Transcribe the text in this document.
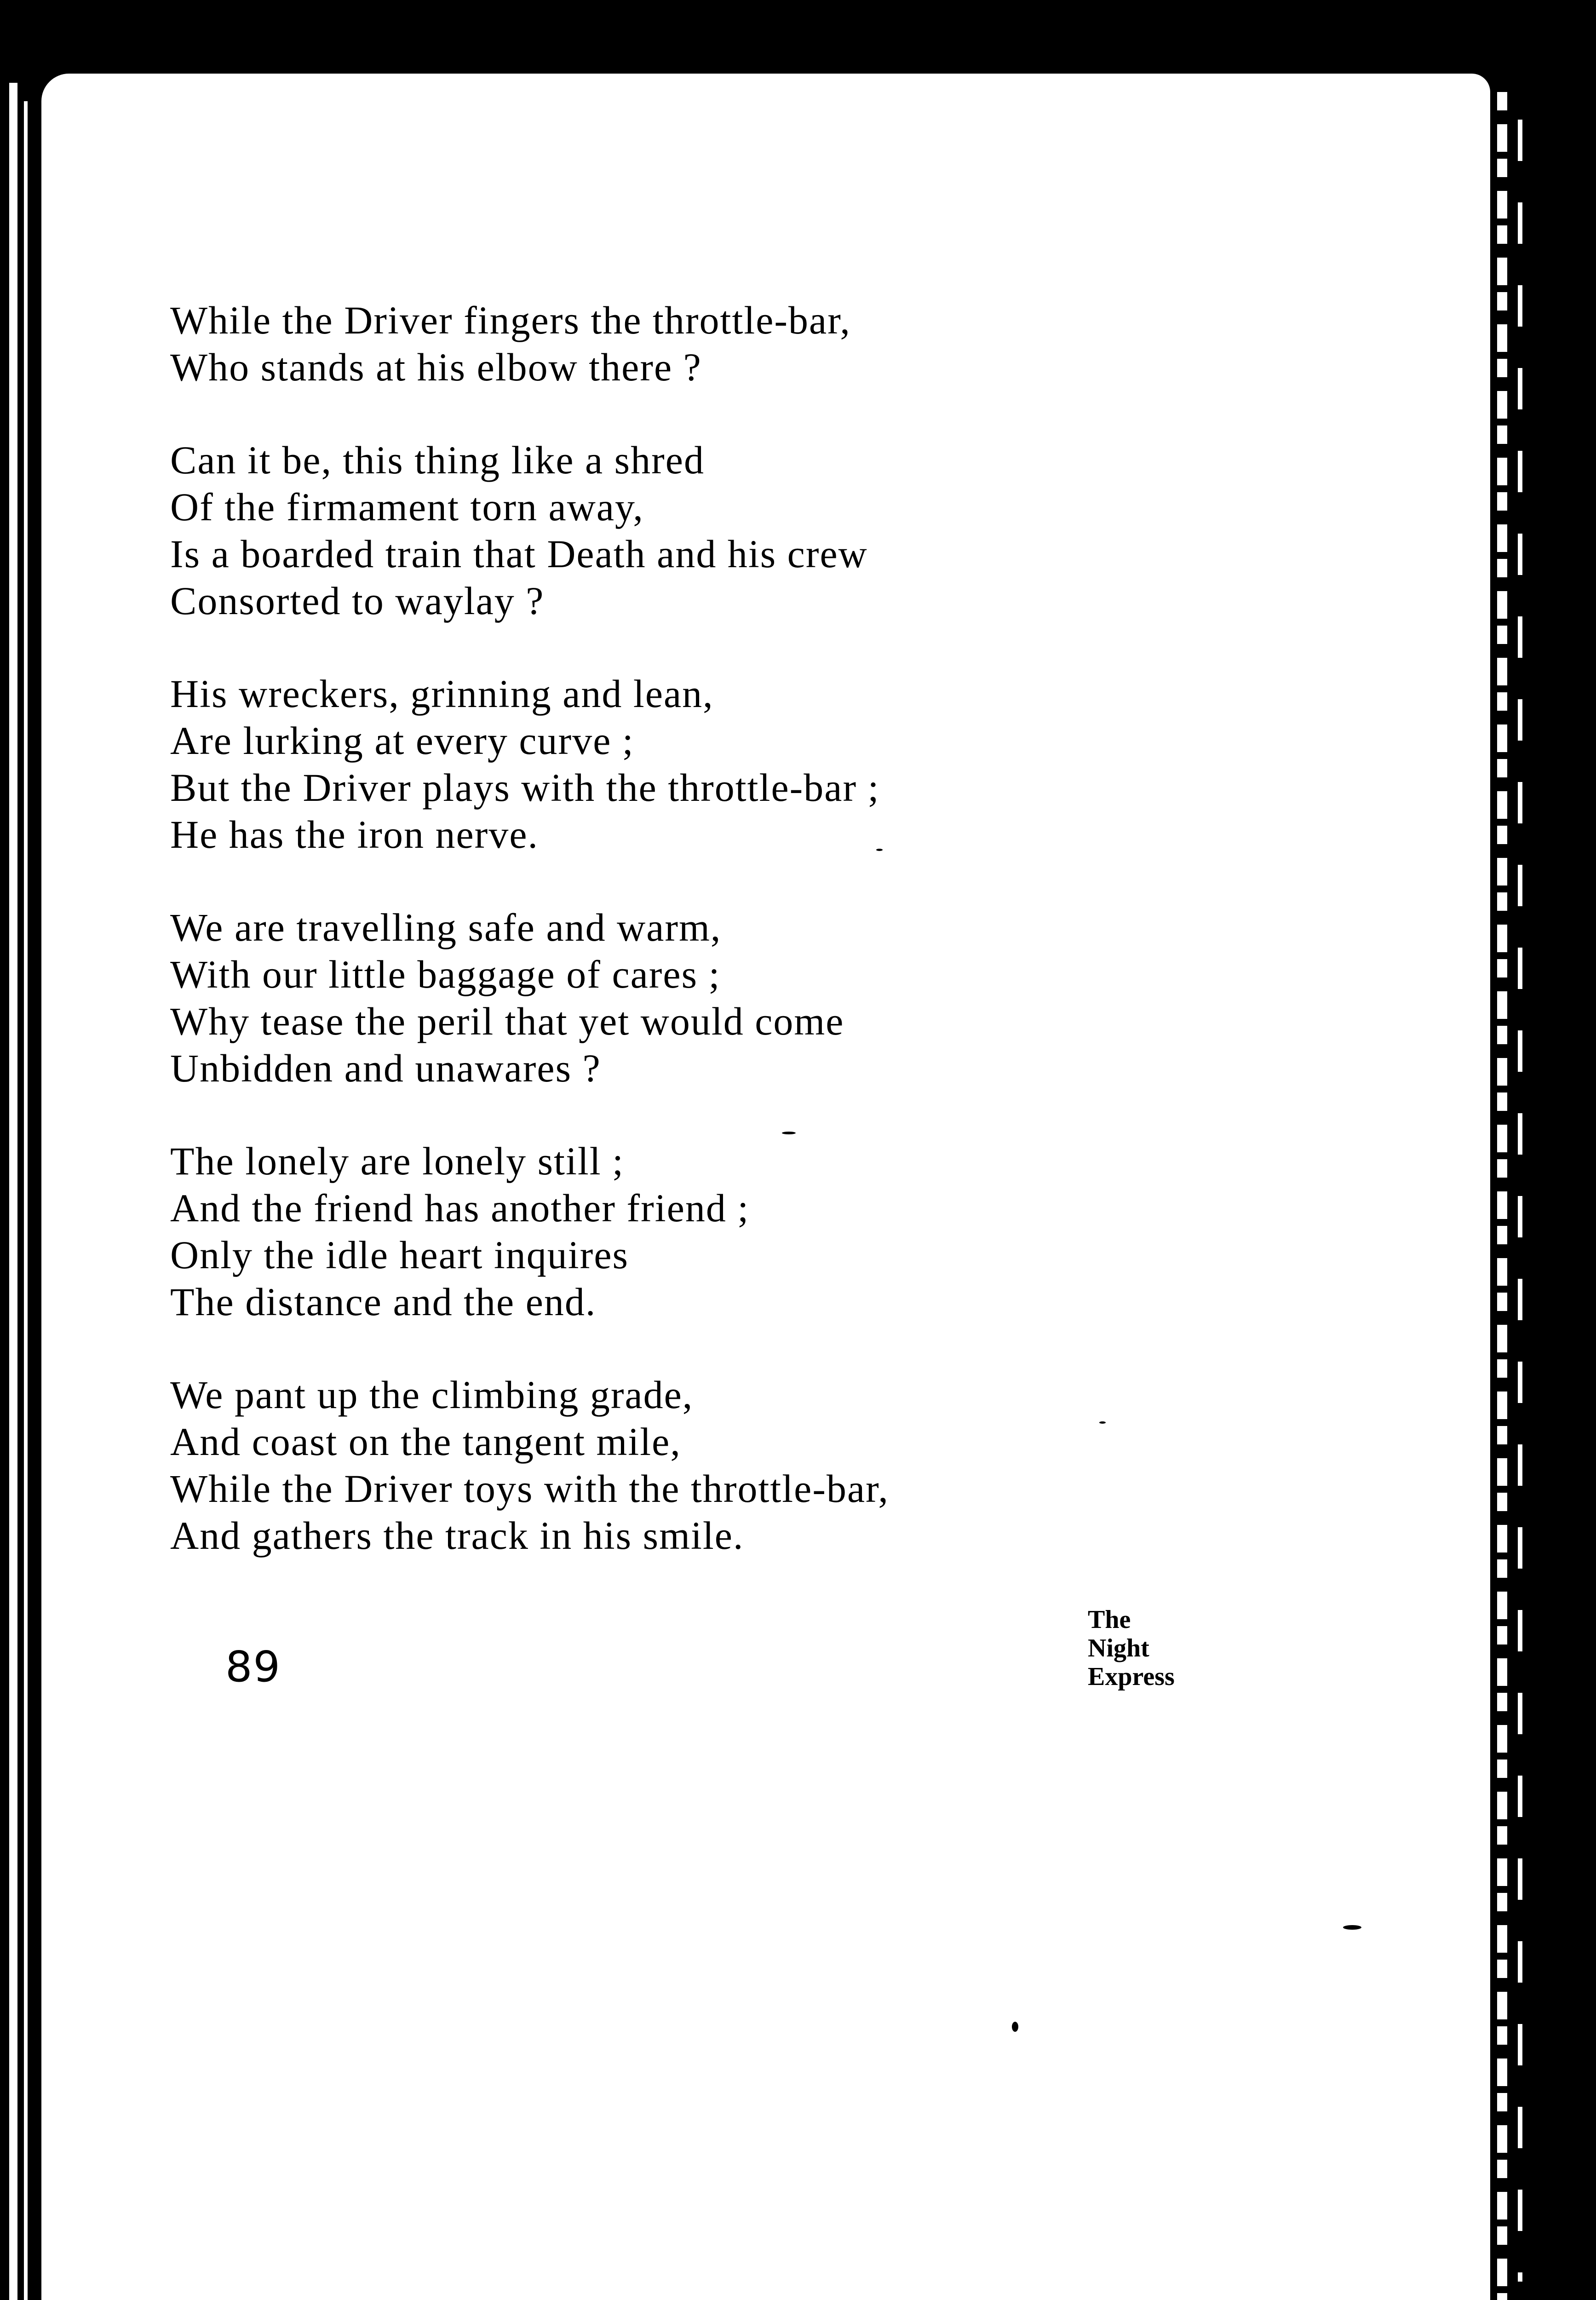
While the Driver fingers the throttle-bar,
Who stands at his elbow there ?
Can it be, this thing like a shred
Of the firmament torn away,
Is a boarded train that Death and his crew
Consorted to waylay ?
His wreckers, grinning and lean,
Are lurking at every curve ;
But the Driver plays with the throttle-bar ;
He has the iron nerve.
We are travelling safe and warm,
With our little baggage of cares ;
Why tease the peril that yet would come
Unbidden and unawares ?
The lonely are lonely still ;
And the friend has another friend ;
Only the idle heart inquires
The distance and the end.
We pant up the climbing grade,
And coast on the tangent mile,
While the Driver toys with the throttle-bar,
And gathers the track in his smile.
89
The
Night
Express
